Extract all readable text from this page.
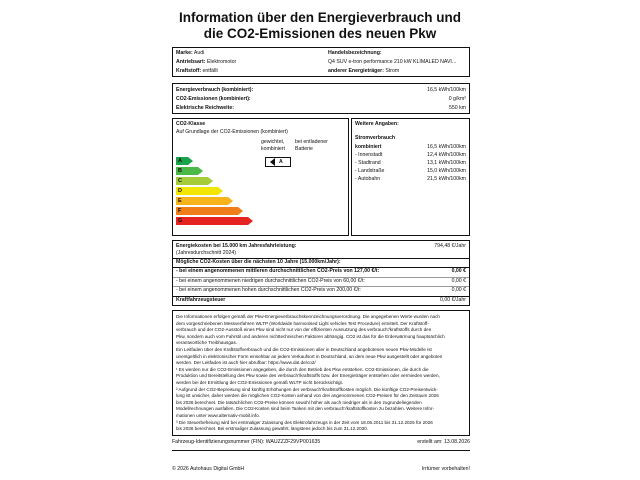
Information über den Energieverbrauch und
die CO2-Emissionen des neuen Pkw
Marke: Audi
Antriebsart: Elektromotor
Kraftstoff: entfällt
Handelsbezeichnung:
Q4 SUV e-tron performance 210 kW KLIMALED NAVI...
anderer Energieträger: Strom
Energieverbrauch (kombiniert):	16,5 kWh/100km
CO2-Emissionen (kombiniert):	0 g/km²
Elektrische Reichweite:	550 km
CO2-Klasse
Auf Grundlage der CO2-Emissionen (kombiniert)
gewichtet, kombiniert
bei entladener Batterie
A
B
C
D
E
F
G
A
Weitere Angaben:
Stromverbrauch
kombiniert	16,5 kWh/100km
- Innenstadt	12,4 kWh/100km
- Stadtrand	13,1 kWh/100km
- Landstraße	15,0 kWh/100km
- Autobahn	21,5 kWh/100km
Energiekosten bei 15.000 km Jahresfahrleistung:	794,48 €/Jahr
(Jahresdurchschnitt 2024)
Mögliche CO2-Kosten über die nächsten 10 Jahre (15.000km/Jahr):
- bei einem angenommenen mittleren durchschnittlichen CO2-Preis von 127,00 €/t:	0,00 €
- bei einem angenommenen niedrigen durchschnittlichen CO2-Preis von 60,00 €/t:	0,00 €
- bei einem angenommenen hohen durchschnittlichen CO2-Preis von 200,00 €/t:	0,00 €
Kraftfahrzeugsteuer	0,00 €/Jahr
Die Informationen erfolgen gemäß der Pkw-Energieverbrauchskennzeichnungsverordnung. Die angegebenen Werte wurden nach
dem vorgeschriebenen Messverfahren WLTP (Worldwide harmonised Light vehicles Test Procedure) ermittelt. Der Kraftstoff-
verbrauch und der CO2-Ausstoß eines Pkw sind nicht nur von der effizienten Ausnutzung des verbrauch'/kraftstoffs durch den
Pkw, sondern auch vom Fahrstil und anderen nichttechnischen Faktoren abhängig. CO2 ist das für die Erderwärmung hauptsächlich
verantwortliche Treibhausgas.
Ein Leitfaden über den Kraftstoffverbrauch und die CO2-Emissionen aller in Deutschland angebotenen neuen Pkw-Modelle ist
unentgeltlich in elektronischer Form einsehbar an jedem Verkaufsort in Deutschland, an dem neue Pkw ausgestellt oder angeboten
werden. Der Leitfaden ist auch hier abrufbar: https://www.dat.de/co2/
¹ Es werden nur die CO2-Emissionen angegeben, die durch den Betrieb des Pkw entstehen. CO2-Emissionen, die durch die
Produktion und Bereitstellung des Pkw sowie des verbrauch'/kraftstoffs bzw. der Energieträger entstehen oder vermieden werden,
werden bei der Ermittlung der CO2-Emissionen gemäß WLTP nicht berücksichtigt.
² Aufgrund der CO2-Bepreisung sind künftig Erhöhungen der verbrauch'/kraftstoffkosten möglich. Die künftige CO2-Preisentwick-
lung ist unsicher, daher werden die möglichen CO2-Kosten anhand von drei angenommenen CO2-Preisen für den Zeitraum 2026
bis 2036 berechnet. Die tatsächlichen CO2-Preise können sowohl höher als auch niedriger als in den zugrundeliegenden
Modellrechnungen ausfallen. Die CO2-Kosten sind beim Tanken mit den verbrauch'/kraftstoffkosten zu bezahlen. Weitere Infor-
mationen unter www.alternativ-mobil.info.
³ Die Steuerbefreiung wird bei erstmaliger Zulassung des Elektrofahrzeugs in der Zeit vom 18.05.2011 bis 31.12.2025 für 2026
bis 2036 berechnet. Bei erstmaliger Zulassung gewährt, längstens jedoch bis zum 31.12.2030.
Fahrzeug-Identifizierungsnummer (FIN): WAUZZZF29VP001635	erstellt am: 13.08.2026
© 2026 Autohaus Digital GmbH	Irrtümer vorbehalten!
